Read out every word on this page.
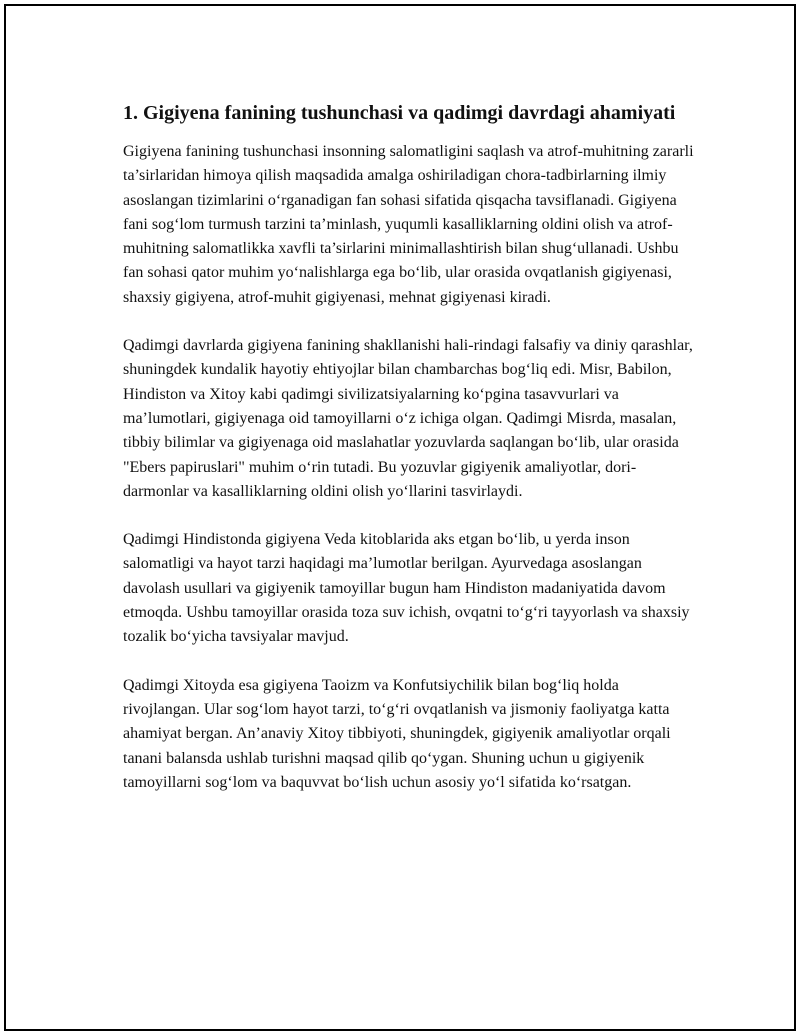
1. Gigiyena fanining tushunchasi va qadimgi davrdagi ahamiyati

Gigiyena fanining tushunchasi insonning salomatligini saqlash va atrof-muhitning zararli ta’sirlaridan himoya qilish maqsadida amalga oshiriladigan chora-tadbirlarning ilmiy asoslangan tizimlarini o‘rganadigan fan sohasi sifatida qisqacha tavsiflanadi. Gigiyena fani sog‘lom turmush tarzini ta’minlash, yuqumli kasalliklarning oldini olish va atrof-muhitning salomatlikka xavfli ta’sirlarini minimallashtirish bilan shug‘ullanadi. Ushbu fan sohasi qator muhim yo‘nalishlarga ega bo‘lib, ular orasida ovqatlanish gigiyenasi, shaxsiy gigiyena, atrof-muhit gigiyenasi, mehnat gigiyenasi kiradi.

Qadimgi davrlarda gigiyena fanining shakllanishi hali-rindagi falsafiy va diniy qarashlar, shuningdek kundalik hayotiy ehtiyojlar bilan chambarchas bog‘liq edi. Misr, Babilon, Hindiston va Xitoy kabi qadimgi sivilizatsiyalarning ko‘pgina tasavvurlari va ma’lumotlari, gigiyenaga oid tamoyillarni o‘z ichiga olgan. Qadimgi Misrda, masalan, tibbiy bilimlar va gigiyenaga oid maslahatlar yozuvlarda saqlangan bo‘lib, ular orasida "Ebers papiruslari" muhim o‘rin tutadi. Bu yozuvlar gigiyenik amaliyotlar, dori-darmonlar va kasalliklarning oldini olish yo‘llarini tasvirlaydi.

Qadimgi Hindistonda gigiyena Veda kitoblarida aks etgan bo‘lib, u yerda inson salomatligi va hayot tarzi haqidagi ma’lumotlar berilgan. Ayurvedaga asoslangan davolash usullari va gigiyenik tamoyillar bugun ham Hindiston madaniyatida davom etmoqda. Ushbu tamoyillar orasida toza suv ichish, ovqatni to‘g‘ri tayyorlash va shaxsiy tozalik bo‘yicha tavsiyalar mavjud.

Qadimgi Xitoyda esa gigiyena Taoizm va Konfutsiychilik bilan bog‘liq holda rivojlangan. Ular sog‘lom hayot tarzi, to‘g‘ri ovqatlanish va jismoniy faoliyatga katta ahamiyat bergan. An’anaviy Xitoy tibbiyoti, shuningdek, gigiyenik amaliyotlar orqali tanani balansda ushlab turishni maqsad qilib qo‘ygan. Shuning uchun u gigiyenik tamoyillarni sog‘lom va baquvvat bo‘lish uchun asosiy yo‘l sifatida ko‘rsatgan.
